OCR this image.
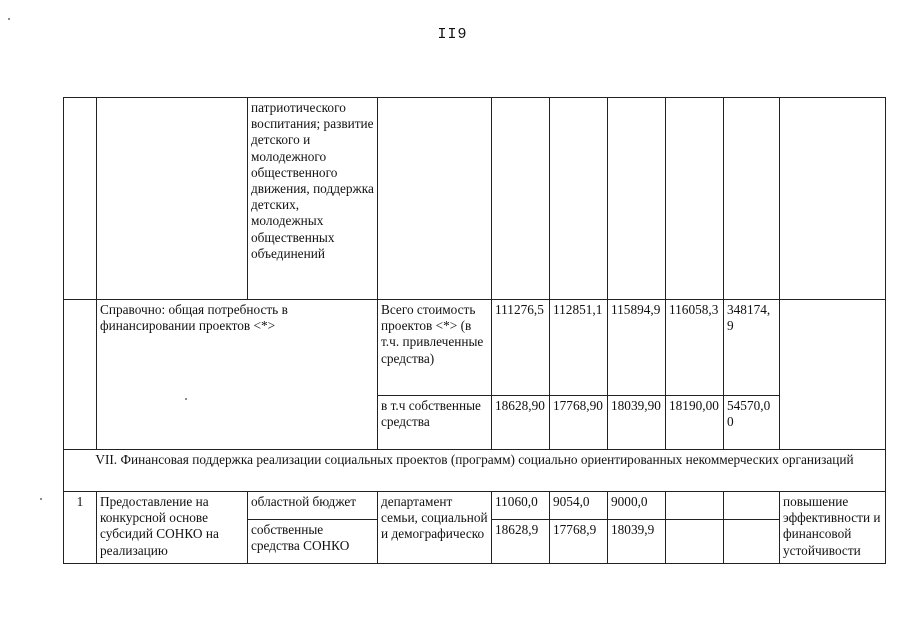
II9
		патриотического воспитания; развитие детского и молодежного общественного движения, поддержка детских, молодежных общественных объединений							
	Справочно: общая потребность в финансировании проектов <*>		Всего стоимость проектов <*> (в т.ч. привлеченные средства)	111276,5	112851,1	115894,9	116058,3	348174,9	
			в т.ч собственные средства	18628,90	17768,90	18039,90	18190,00	54570,00	
VII. Финансовая поддержка реализации социальных проектов (программ) социально ориентированных некоммерческих организаций									
1	Предоставление на конкурсной основе субсидий СОНКО на реализацию	областной бюджет	департамент семьи, социальной и демографическо	11060,0	9054,0	9000,0			повышение эффективности и финансовой устойчивости
		собственные средства СОНКО		18628,9	17768,9	18039,9			
